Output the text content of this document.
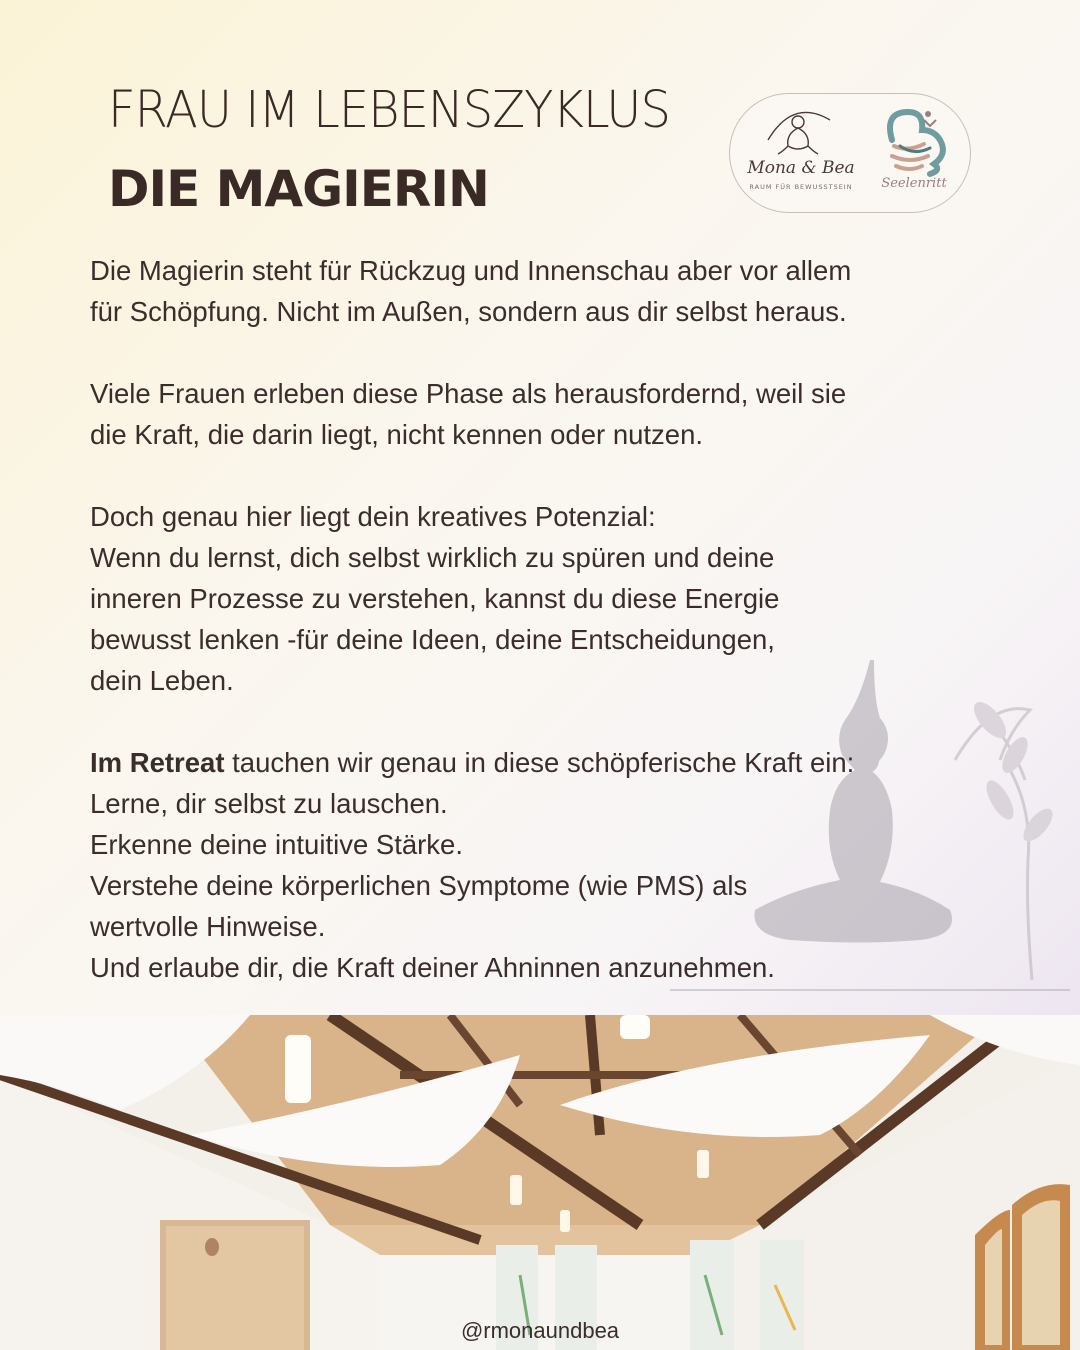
FRAU IM LEBENSZYKLUS
DIE MAGIERIN	Mona & Bea
RAUM FÜR BEWUSSTSEIN	Seelenritt

Die Magierin steht für Rückzug und Innenschau aber vor allem

für Schöpfung. Nicht im Außen, sondern aus dir selbst heraus.

Viele Frauen erleben diese Phase als herausfordernd, weil sie

die Kraft, die darin liegt, nicht kennen oder nutzen.

Doch genau hier liegt dein kreatives Potenzial:

Wenn du lernst, dich selbst wirklich zu spüren und deine

inneren Prozesse zu verstehen, kannst du diese Energie

bewusst lenken -für deine Ideen, deine Entscheidungen,

dein Leben.

Im Retreat tauchen wir genau in diese schöpferische Kraft ein:

Lerne, dir selbst zu lauschen.

Erkenne deine intuitive Stärke.

Verstehe deine körperlichen Symptome (wie PMS) als

wertvolle Hinweise.

Und erlaube dir, die Kraft deiner Ahninnen anzunehmen.

@rmonaundbea
